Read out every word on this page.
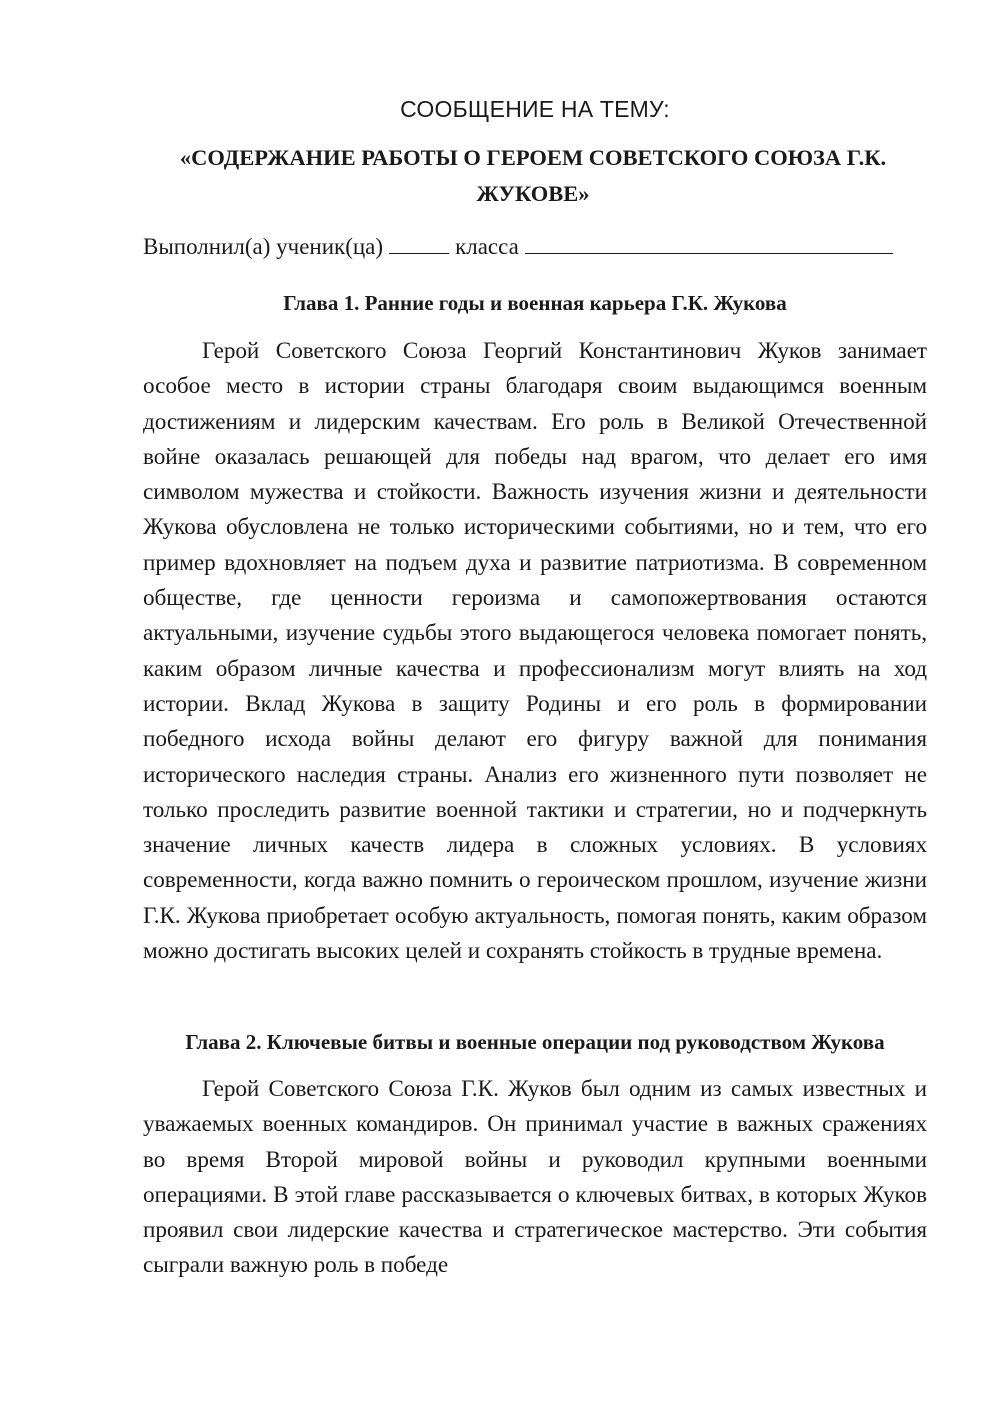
СООБЩЕНИЕ НА ТЕМУ:
«СОДЕРЖАНИЕ РАБОТЫ О ГЕРОЕМ СОВЕТСКОГО СОЮЗА Г.К. ЖУКОВЕ»
Выполнил(а) ученик(ца)	класса
Глава 1. Ранние годы и военная карьера Г.К. Жукова

Герой Советского Союза Георгий Константинович Жуков занимает особое место в истории страны благодаря своим выдающимся военным достижениям и лидерским качествам. Его роль в Великой Отечественной войне оказалась решающей для победы над врагом, что делает его имя символом мужества и стойкости. Важность изучения жизни и деятельности Жукова обусловлена не только историческими событиями, но и тем, что его пример вдохновляет на подъем духа и развитие патриотизма. В современном обществе, где ценности героизма и самопожертвования остаются актуальными, изучение судьбы этого выдающегося человека помогает понять, каким образом личные качества и профессионализм могут влиять на ход истории. Вклад Жукова в защиту Родины и его роль в формировании победного исхода войны делают его фигуру важной для понимания исторического наследия страны. Анализ его жизненного пути позволяет не только проследить развитие военной тактики и стратегии, но и подчеркнуть значение личных качеств лидера в сложных условиях. В условиях современности, когда важно помнить о героическом прошлом, изучение жизни Г.К. Жукова приобретает особую актуальность, помогая понять, каким образом можно достигать высоких целей и сохранять стойкость в трудные времена.

Глава 2. Ключевые битвы и военные операции под руководством Жукова

Герой Советского Союза Г.К. Жуков был одним из самых известных и уважаемых военных командиров. Он принимал участие в важных сражениях во время Второй мировой войны и руководил крупными военными операциями. В этой главе рассказывается о ключевых битвах, в которых Жуков проявил свои лидерские качества и стратегическое мастерство. Эти события сыграли важную роль в победе
